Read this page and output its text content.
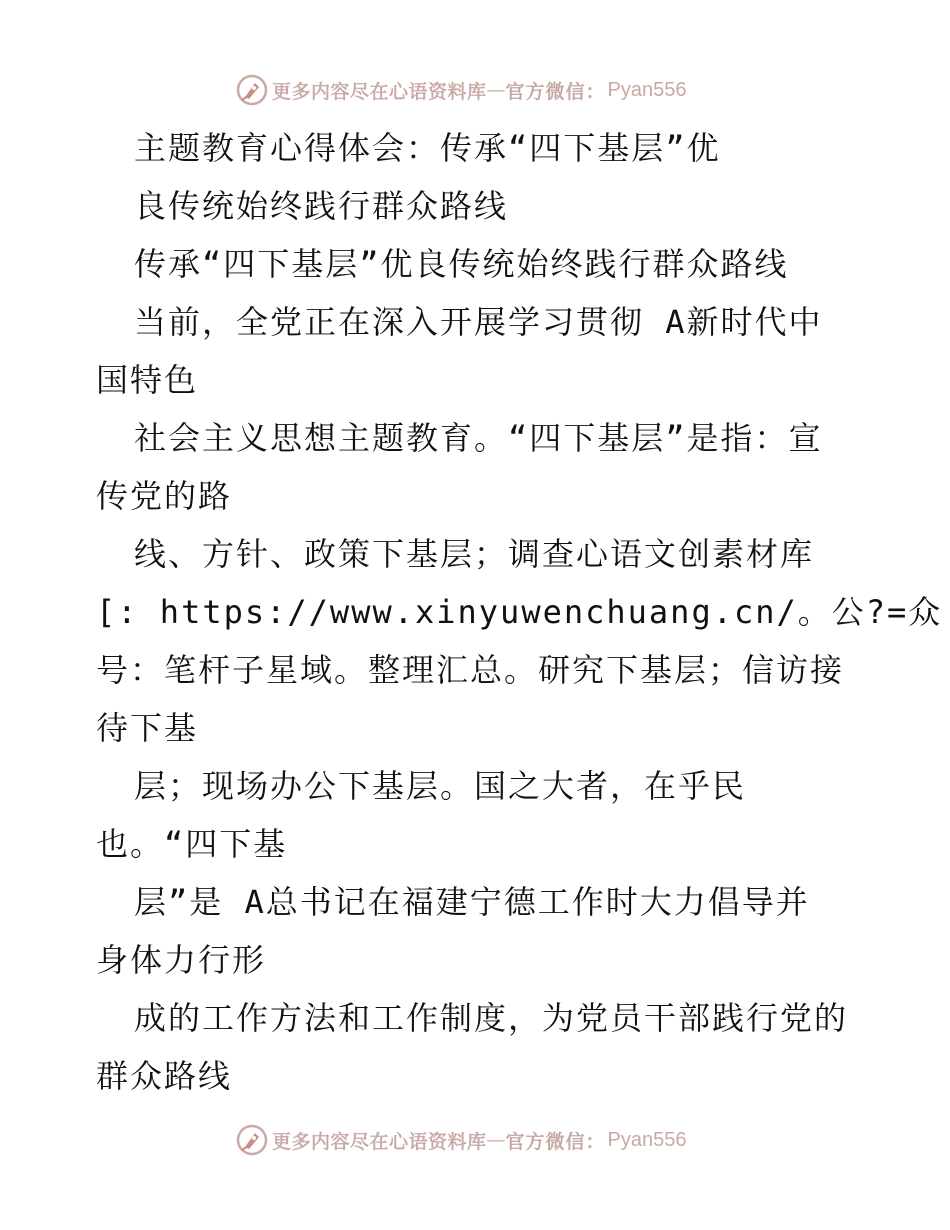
更多内容尽在心语资料库 — 官方微信： Pyan556
主题教育心得体会：传承“四下基层”优
良传统始终践行群众路线
传承“四下基层”优良传统始终践行群众路线
当前，全党正在深入开展学习贯彻 A新时代中
国特色
社会主义思想主题教育。“四下基层”是指：宣
传党的路
线、方针、政策下基层；调查心语文创素材库
[: https://www.xinyuwenchuang.cn/。公?=众
号：笔杆子星域。整理汇总。研究下基层；信访接
待下基
层；现场办公下基层。国之大者，在乎民
也。“四下基
层”是 A总书记在福建宁德工作时大力倡导并
身体力行形
成的工作方法和工作制度，为党员干部践行党的
群众路线
更多内容尽在心语资料库 — 官方微信： Pyan556
